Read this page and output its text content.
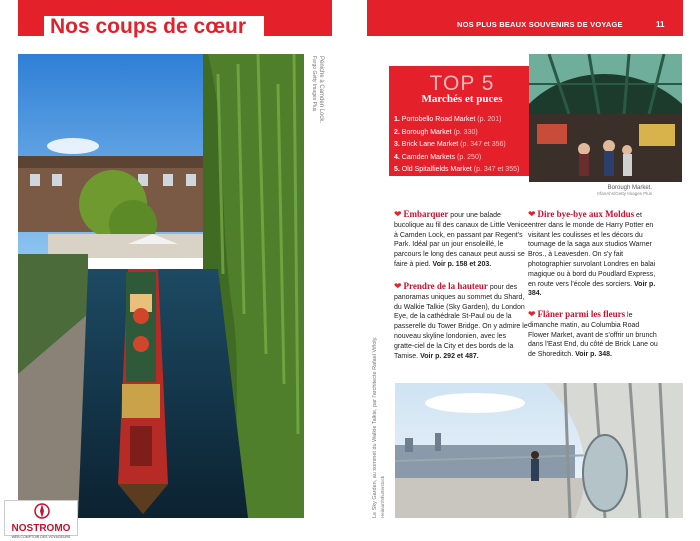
Nos coups de cœur
Péniche à Camden Lock.
Fargo Getty Images Plus
NOSTROMO
WEB COMPTOIR DES VOYAGEURS
NOS PLUS BEAUX SOUVENIRS DE VOYAGE	11
TOP 5
Marchés et puces
1. Portobello Road Market (p. 201)
2. Borough Market (p. 330)
3. Brick Lane Market (p. 347 et 356)
4. Camden Markets (p. 250)
5. Old Spitalfields Market (p. 347 et 355)
Borough Market.
IrfanAhs/Getty Images Plus
❤ Embarquer pour une balade bucolique au fil des canaux de Little Venice à Camden Lock, en passant par Regent's Park. Idéal par un jour ensoleillé, le parcours le long des canaux peut aussi se faire à pied. Voir p. 158 et 203.
❤ Prendre de la hauteur pour des panoramas uniques au sommet du Shard, du Walkie Talkie (Sky Garden), du London Eye, de la cathédrale St-Paul ou de la passerelle du Tower Bridge. On y admire le nouveau skyline londonien, avec les gratte-ciel de la City et des bords de la Tamise. Voir p. 292 et 487.
❤ Dire bye-bye aux Moldus et entrer dans le monde de Harry Potter en visitant les coulisses et les décors du tournage de la saga aux studios Warner Bros., à Leavesden. On s'y fait photographier survolant Londres en balai magique ou à bord du Poudlard Express, en route vers l'école des sorciers. Voir p. 384.
❤ Flâner parmi les fleurs le dimanche matin, au Columbia Road Flower Market, avant de s'offrir un brunch dans l'East End, du côté de Brick Lane ou de Shoreditch. Voir p. 348.
Le Sky Garden, au sommet du Walkie Talkie, par l'architecte Rafael Viñoly. Heimart/Shutterstock
